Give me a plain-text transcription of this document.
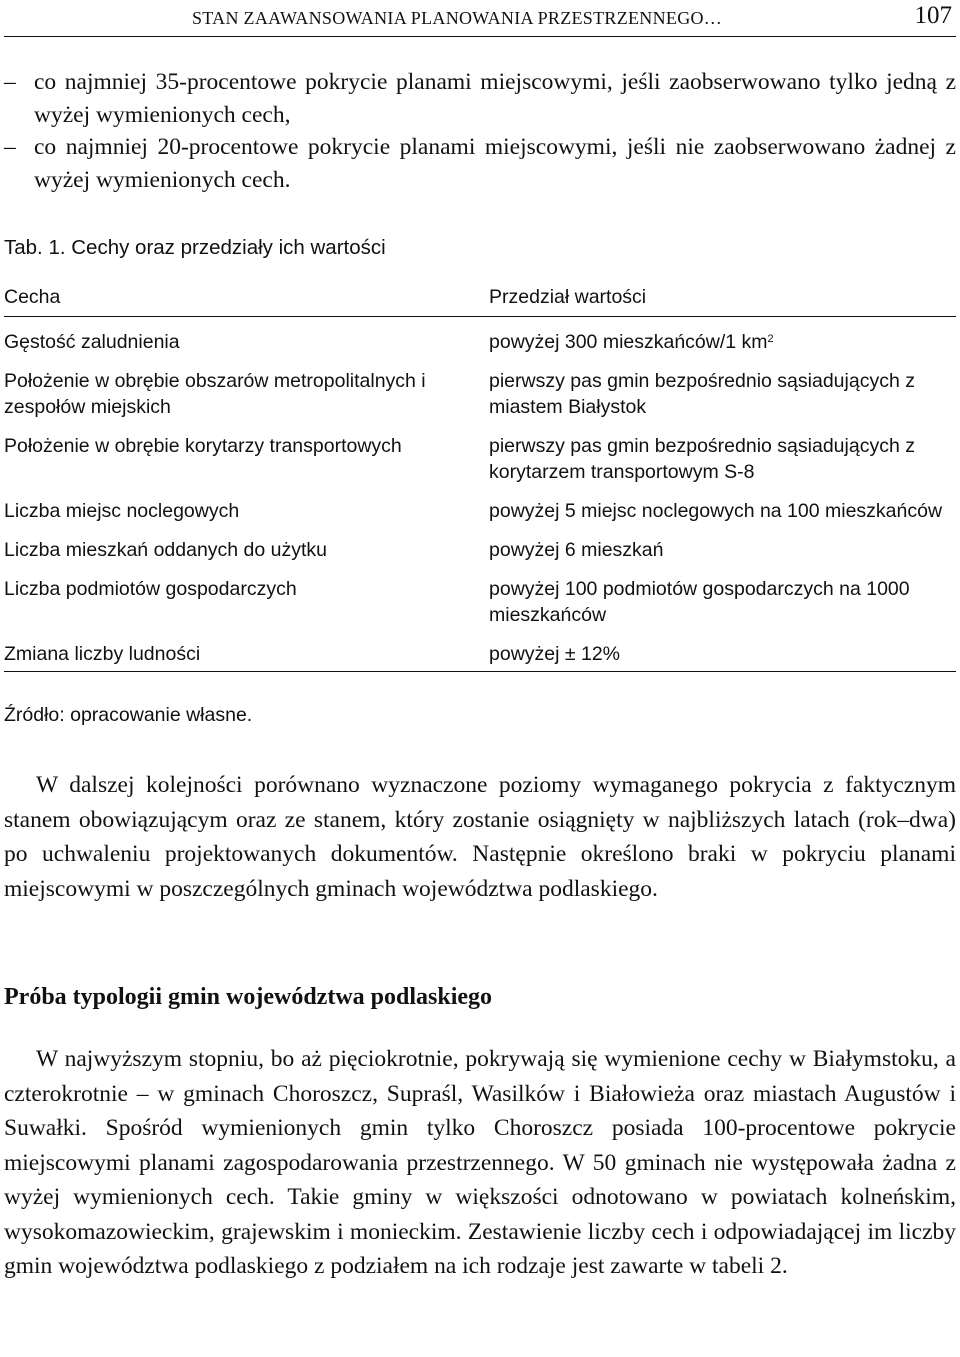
STAN ZAAWANSOWANIA PLANOWANIA PRZESTRZENNEGO…	107
– co najmniej 35-procentowe pokrycie planami miejscowymi, jeśli zaobserwowano tylko jedną z wyżej wymienionych cech,
– co najmniej 20-procentowe pokrycie planami miejscowymi, jeśli nie zaobserwowano żadnej z wyżej wymienionych cech.
Tab. 1. Cechy oraz przedziały ich wartości
Cecha	Przedział wartości
Gęstość zaludnienia	powyżej 300 mieszkańców/1 $km^2$
Położenie w obrębie obszarów metropolitalnych i zespołów miejskich	pierwszy pas gmin bezpośrednio sąsiadujących z miastem Białystok
Położenie w obrębie korytarzy transportowych	pierwszy pas gmin bezpośrednio sąsiadujących z korytarzem transportowym S-8
Liczba miejsc noclegowych	powyżej 5 miejsc noclegowych na 100 mieszkańców
Liczba mieszkań oddanych do użytku	powyżej 6 mieszkań
Liczba podmiotów gospodarczych	powyżej 100 podmiotów gospodarczych na 1000 mieszkańców
Zmiana liczby ludności	powyżej ± 12%
Źródło: opracowanie własne.
W dalszej kolejności porównano wyznaczone poziomy wymaganego pokrycia z faktycznym stanem obowiązującym oraz ze stanem, który zostanie osiągnięty w najbliższych latach (rok–dwa) po uchwaleniu projektowanych dokumentów. Następnie określono braki w pokryciu planami miejscowymi w poszczególnych gminach województwa podlaskiego.
Próba typologii gmin województwa podlaskiego
W najwyższym stopniu, bo aż pięciokrotnie, pokrywają się wymienione cechy w Białymstoku, a czterokrotnie – w gminach Choroszcz, Supraśl, Wasilków i Białowieża oraz miastach Augustów i Suwałki. Spośród wymienionych gmin tylko Choroszcz posiada 100-procentowe pokrycie miejscowymi planami zagospodarowania przestrzennego. W 50 gminach nie występowała żadna z wyżej wymienionych cech. Takie gminy w większości odnotowano w powiatach kolneńskim, wysokomazowieckim, grajewskim i monieckim. Zestawienie liczby cech i odpowiadającej im liczby gmin województwa podlaskiego z podziałem na ich rodzaje jest zawarte w tabeli 2.
